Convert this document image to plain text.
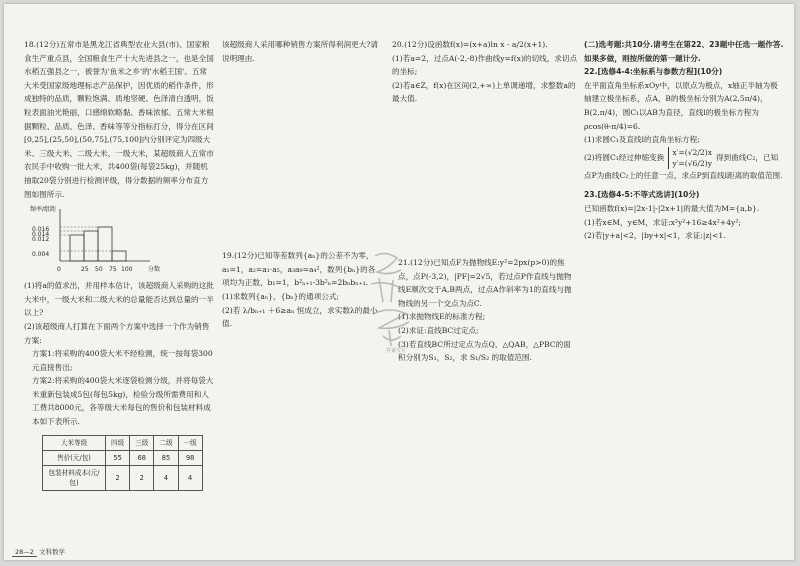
18.(12分)五常市是黑龙江省典型农业大县(市)、国家粮食生产重点县，全国粮食生产十大先进县之一，也是全国水稻五强县之一，被誉为'鱼米之乡'的'水稻王国'。五常大米受国家级地理标志产品保护，因优质的稻作条件，形成独特的品质，颗粒饱满、质地坚硬、色泽清白透明，饭粒表面油光艳丽，口感绵软略黏、香味浓郁。五常大米根据颗粒、品质、色泽、香味等等分指标打分，得分在区间[0,25],(25,50],(50,75],(75,100]内分别评定为四级大米、三级大米、二级大米、一级大米，某超级商人五常市农民手中收购一批大米，共400袋(每袋25kg)，并随机抽取20袋分别进行检测评级，得分数据的频率分布直方图如图所示.

频率/组距
0.016
0.014
0.012
0.004
0	25 50 75 100	分数

(1)将a的值求出，并用样本估计，该超级商人采购的这批大米中，一级大米和二级大米的总量能否达到总量的一半以上?

(2)该超级商人打算在下面两个方案中选择一个作为销售方案:

方案1:将采购的400袋大米不经检测，统一按每袋300元直接售出;

方案2:将采购的400袋大米逐袋检测分级，并将每袋大米重新包装成5包(每包5kg)，检验分级所需费用和人工费共8000元，各等级大米每包的售价和包装材料成本如下表所示.

大米等级	四级	三级	二级	一级
售价(元/包)	55	68	85	98
包装材料成本(元/包)	2	2	4	4

该超级商人采用哪种销售方案所得利润更大?请说明理由.

19.(12分)已知等差数列{aₙ}的公差不为零，a₁=1，a₂=a₁·a₅，a₃a₉=a₄²，数列{bₙ}的各项均为正数，b₁=1，b²ₙ₊₁-3b²ₙ=2bₙbₙ₊₁.

(1)求数列{aₙ}，{bₙ}的通项公式;

(2)若 λ/bₙ₊₁ ＋6≥aₙ 恒成立，求实数λ的最小值.

20.(12分)设函数f(x)=(x+a)ln x - a/2(x+1).

(1)若a=2，过点A(-2,-8)作曲线y=f(x)的切线，求切点的坐标;

(2)若a∈Z，f(x)在区间(2,+∞)上单调递增，求整数a的最大值.

21.(12分)已知点F为抛物线E:y²=2px(p>0)的焦点，点P(-3,2)，|PF|=2√5，若过点P作直线与抛物线E顺次交于A,B两点，过点A作斜率为1的直线与抛物线的另一个交点为点C.

(1)求抛物线E的标准方程;

(2)求证:直线BC过定点;

(3)若直线BC所过定点为点Q，△QAB，△PBC的面积分别为S₁，S₂，求 S₁/S₂ 的取值范围.

(二)选考题:共10分.请考生在第22、23题中任选一题作答.如果多做，则按所做的第一题计分.

22.[选修4-4:坐标系与参数方程](10分)

在平面直角坐标系xOy中，以原点为极点，x轴正半轴为极轴建立极坐标系，点A，B的极坐标分别为A(2,5π/4)，B(2,π/4)，圆C₁以AB为直径，直线l的极坐标方程为ρcos(θ-π/4)=6.

(1)求圆C₁及直线l的直角坐标方程;

(2)将圆C₁经过伸缩变换x′=(√2/2)x
y′=(√6/2)y得到曲线C₂，已知点P为曲线C₂上的任意一点，求点P到直线l距离的取值范围.

23.[选修4-5:不等式选讲](10分)

已知函数f(x)=|2x-1|-|2x+1|的最大值为M={a,b}.

(1)若x∈M，y∈M，求证:x²y²+16≥4x²+4y²;

(2)若|y+a|<2，|by+x|<1，求证:|z|<1.

答案写在
28—2 文科数学
